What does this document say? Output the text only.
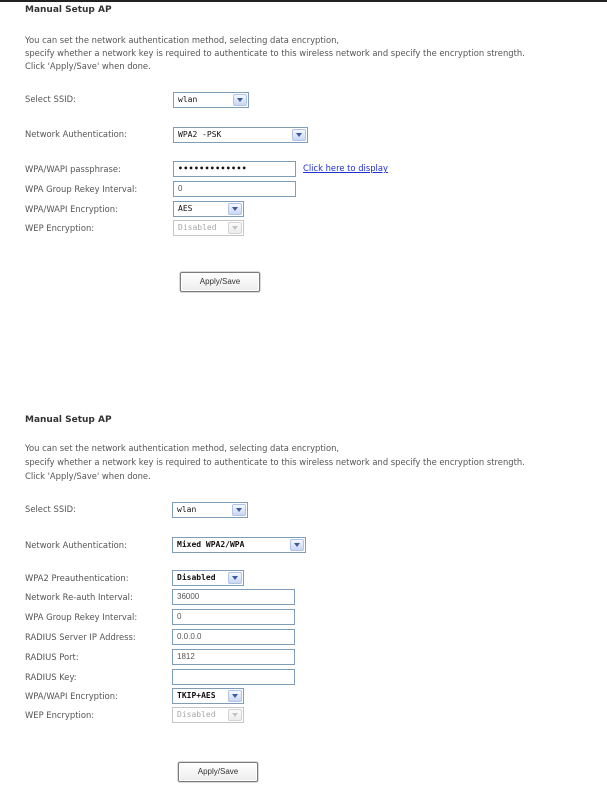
Manual Setup AP
You can set the network authentication method, selecting data encryption,
specify whether a network key is required to authenticate to this wireless network and specify the encryption strength.
Click 'Apply/Save' when done.
Select SSID:	wlan
Network Authentication:	WPA2 -PSK
WPA/WAPI passphrase:	•••••••••••••	Click here to display
WPA Group Rekey Interval:	0
WPA/WAPI Encryption:	AES
WEP Encryption:	Disabled
Apply/Save
Manual Setup AP
You can set the network authentication method, selecting data encryption,
specify whether a network key is required to authenticate to this wireless network and specify the encryption strength.
Click 'Apply/Save' when done.
Select SSID:	wlan
Network Authentication:	Mixed WPA2/WPA
WPA2 Preauthentication:	Disabled
Network Re-auth Interval:	36000
WPA Group Rekey Interval:	0
RADIUS Server IP Address:	0.0.0.0
RADIUS Port:	1812
RADIUS Key:
WPA/WAPI Encryption:	TKIP+AES
WEP Encryption:	Disabled
Apply/Save
